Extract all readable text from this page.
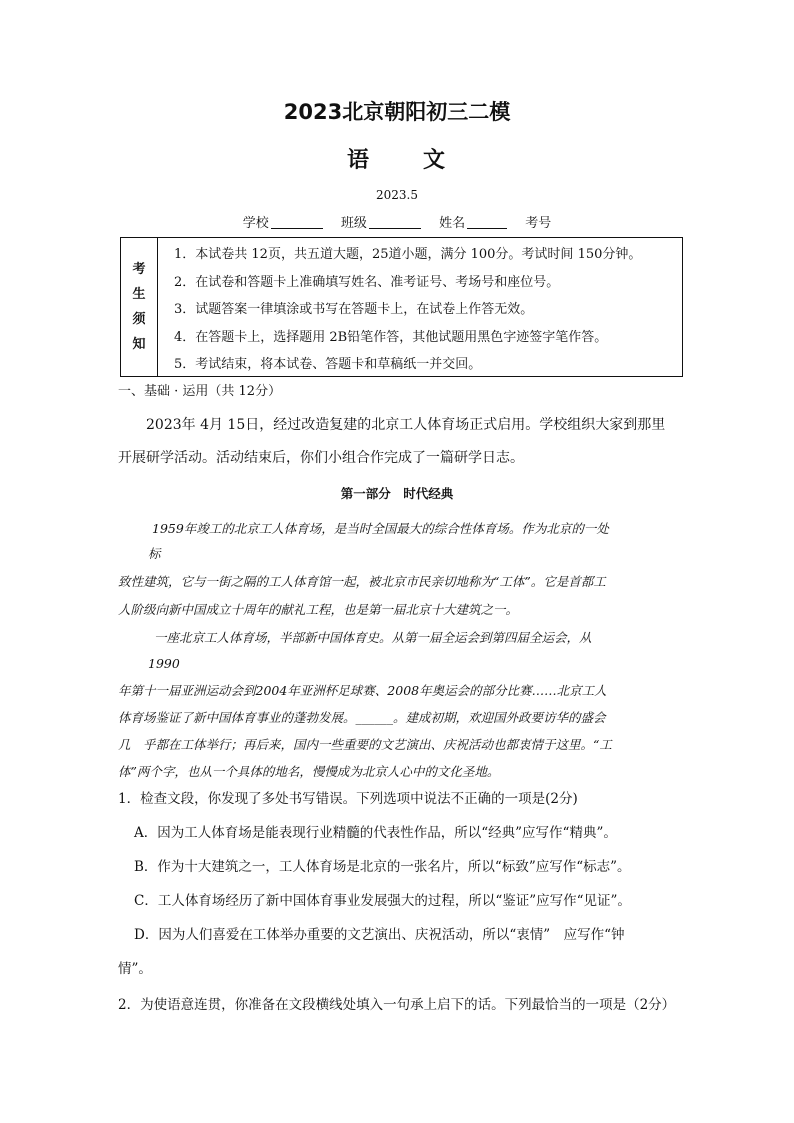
2023北京朝阳初三二模
语 文
2023.5
学校	班级	姓名	考号
考
生
须
知
1．本试卷共 12页，共五道大题，25道小题，满分 100分。考试时间 150分钟。
2．在试卷和答题卡上准确填写姓名、准考证号、考场号和座位号。
3．试题答案一律填涂或书写在答题卡上，在试卷上作答无效。
4．在答题卡上，选择题用 2B铅笔作答，其他试题用黑色字迹签字笔作答。
5．考试结束，将本试卷、答题卡和草稿纸一并交回。
一、基础 · 运用（共 12分）
2023年 4月 15日，经过改造复建的北京工人体育场正式启用。学校组织大家到那里
开展研学活动。活动结束后，你们小组合作完成了一篇研学日志。
第一部分　时代经典
1959年竣工的北京工人体育场，是当时全国最大的综合性体育场。作为北京的一处
标
致性建筑，它与一街之隔的工人体育馆一起，被北京市民亲切地称为“工体”。它是首都工
人阶级向新中国成立十周年的献礼工程，也是第一届北京十大建筑之一。
一座北京工人体育场，半部新中国体育史。从第一届全运会到第四届全运会，从
1990
年第十一届亚洲运动会到2004年亚洲杯足球赛、2008年奥运会的部分比赛……北京工人
体育场鉴证了新中国体育事业的蓬勃发展。______。建成初期，欢迎国外政要访华的盛会
几　乎都在工体举行；再后来，国内一些重要的文艺演出、庆祝活动也都衷情于这里。“工
体”两个字，也从一个具体的地名，慢慢成为北京人心中的文化圣地。
1．检查文段，你发现了多处书写错误。下列选项中说法不正确的一项是(2分)
A．因为工人体育场是能表现行业精髓的代表性作品，所以“经典”应写作“精典”。
B．作为十大建筑之一，工人体育场是北京的一张名片，所以“标致”应写作“标志”。
C．工人体育场经历了新中国体育事业发展强大的过程，所以“鉴证”应写作“见证”。
D．因为人们喜爱在工体举办重要的文艺演出、庆祝活动，所以“衷情”　应写作“钟
情”。
2．为使语意连贯，你准备在文段横线处填入一句承上启下的话。下列最恰当的一项是（2分）
